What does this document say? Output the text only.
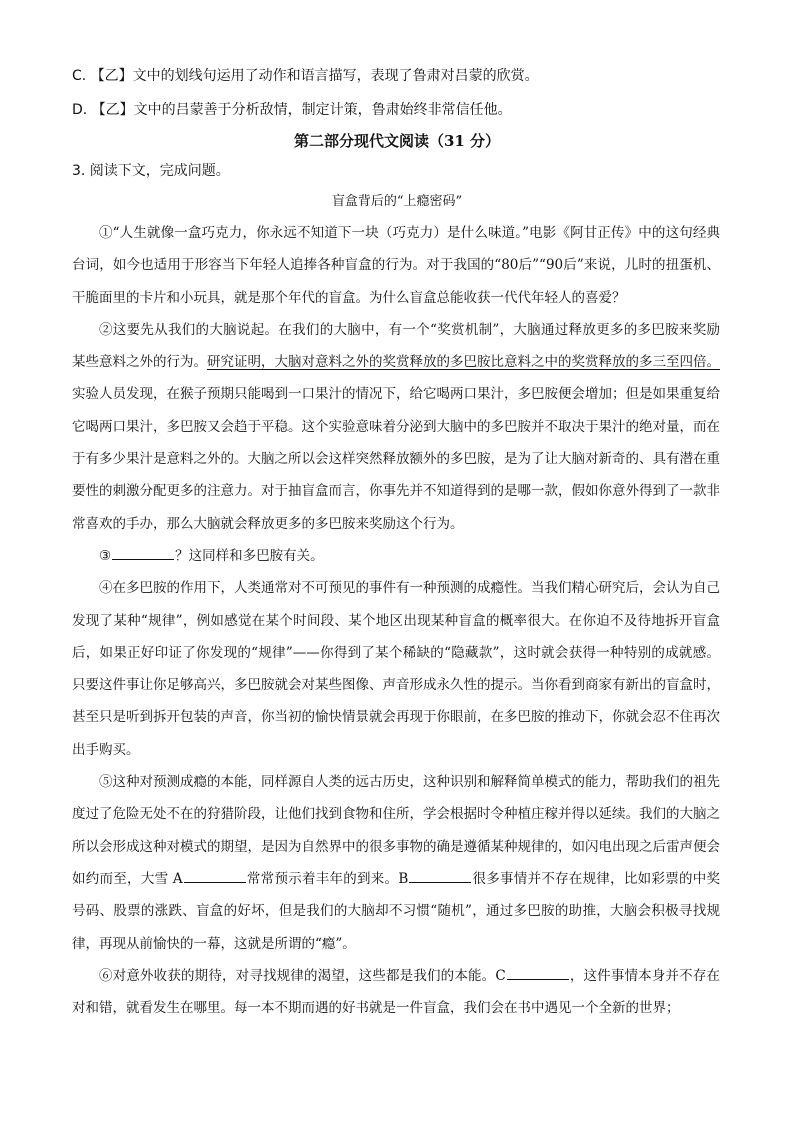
C. 【乙】文中的划线句运用了动作和语言描写，表现了鲁肃对吕蒙的欣赏。
D. 【乙】文中的吕蒙善于分析敌情，制定计策，鲁肃始终非常信任他。
第二部分现代文阅读（31 分）
3. 阅读下文，完成问题。
盲盒背后的“上瘾密码”

①“人生就像一盒巧克力，你永远不知道下一块（巧克力）是什么味道。”电影《阿甘正传》中的这句经典台词，如今也适用于形容当下年轻人追捧各种盲盒的行为。对于我国的“80后”“90后”来说，儿时的扭蛋机、干脆面里的卡片和小玩具，就是那个年代的盲盒。为什么盲盒总能收获一代代年轻人的喜爱？

②这要先从我们的大脑说起。在我们的大脑中，有一个“奖赏机制”，大脑通过释放更多的多巴胺来奖励某些意料之外的行为。研究证明，大脑对意料之外的奖赏释放的多巴胺比意料之中的奖赏释放的多三至四倍。实验人员发现，在猴子预期只能喝到一口果汁的情况下，给它喝两口果汁，多巴胺便会增加；但是如果重复给它喝两口果汁，多巴胺又会趋于平稳。这个实验意味着分泌到大脑中的多巴胺并不取决于果汁的绝对量，而在于有多少果汁是意料之外的。大脑之所以会这样突然释放额外的多巴胺，是为了让大脑对新奇的、具有潜在重要性的刺激分配更多的注意力。对于抽盲盒而言，你事先并不知道得到的是哪一款，假如你意外得到了一款非常喜欢的手办，那么大脑就会释放更多的多巴胺来奖励这个行为。

③	？这同样和多巴胺有关。

④在多巴胺的作用下，人类通常对不可预见的事件有一种预测的成瘾性。当我们精心研究后，会认为自己发现了某种“规律”，例如感觉在某个时间段、某个地区出现某种盲盒的概率很大。在你迫不及待地拆开盲盒后，如果正好印证了你发现的“规律”——你得到了某个稀缺的“隐藏款”，这时就会获得一种特别的成就感。只要这件事让你足够高兴，多巴胺就会对某些图像、声音形成永久性的提示。当你看到商家有新出的盲盒时，甚至只是听到拆开包装的声音，你当初的愉快情景就会再现于你眼前，在多巴胺的推动下，你就会忍不住再次出手购买。

⑤这种对预测成瘾的本能，同样源自人类的远古历史，这种识别和解释简单模式的能力，帮助我们的祖先度过了危险无处不在的狩猎阶段，让他们找到食物和住所，学会根据时令种植庄稼并得以延续。我们的大脑之所以会形成这种对模式的期望，是因为自然界中的很多事物的确是遵循某种规律的，如闪电出现之后雷声便会如约而至，大雪 A	常常预示着丰年的到来。B	很多事情并不存在规律，比如彩票的中奖号码、股票的涨跌、盲盒的好坏，但是我们的大脑却不习惯“随机”，通过多巴胺的助推，大脑会积极寻找规律，再现从前愉快的一幕，这就是所谓的“瘾”。

⑥对意外收获的期待，对寻找规律的渴望，这些都是我们的本能。C	，这件事情本身并不存在对和错，就看发生在哪里。每一本不期而遇的好书就是一件盲盒，我们会在书中遇见一个全新的世界；
